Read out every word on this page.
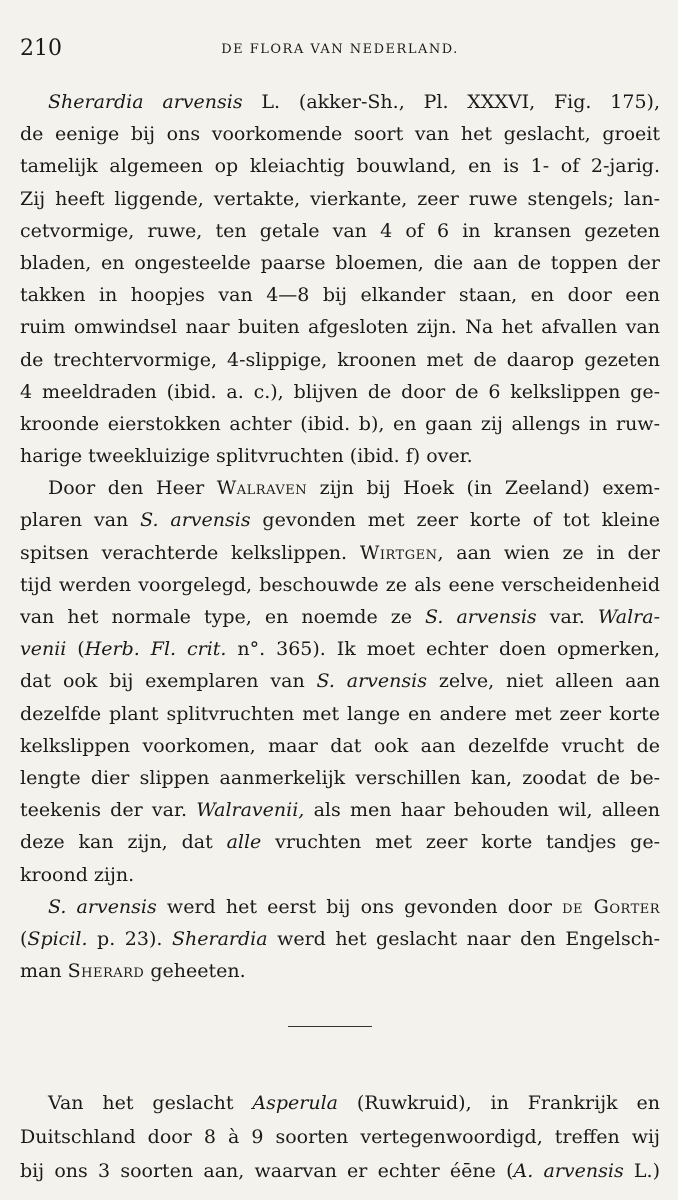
210	DE FLORA VAN NEDERLAND.
Sherardia arvensis L. (akker-Sh., Pl. XXXVI, Fig. 175),
de eenige bij ons voorkomende soort van het geslacht, groeit
tamelijk algemeen op kleiachtig bouwland, en is 1- of 2-jarig.
Zij heeft liggende, vertakte, vierkante, zeer ruwe stengels; lan-
cetvormige, ruwe, ten getale van 4 of 6 in kransen gezeten
bladen, en ongesteelde paarse bloemen, die aan de toppen der
takken in hoopjes van 4—8 bij elkander staan, en door een
ruim omwindsel naar buiten afgesloten zijn. Na het afvallen van
de trechtervormige, 4-slippige, kroonen met de daarop gezeten
4 meeldraden (ibid. a. c.), blijven de door de 6 kelkslippen ge-
kroonde eierstokken achter (ibid. b), en gaan zij allengs in ruw-
harige tweekluizige splitvruchten (ibid. f) over.
Door den Heer Walraven zijn bij Hoek (in Zeeland) exem-
plaren van S. arvensis gevonden met zeer korte of tot kleine
spitsen verachterde kelkslippen. Wirtgen, aan wien ze in der
tijd werden voorgelegd, beschouwde ze als eene verscheidenheid
van het normale type, en noemde ze S. arvensis var. Walra-
venii (Herb. Fl. crit. n°. 365). Ik moet echter doen opmerken,
dat ook bij exemplaren van S. arvensis zelve, niet alleen aan
dezelfde plant splitvruchten met lange en andere met zeer korte
kelkslippen voorkomen, maar dat ook aan dezelfde vrucht de
lengte dier slippen aanmerkelijk verschillen kan, zoodat de be-
teekenis der var. Walravenii, als men haar behouden wil, alleen
deze kan zijn, dat alle vruchten met zeer korte tandjes ge-
kroond zijn.
S. arvensis werd het eerst bij ons gevonden door de Gorter
(Spicil. p. 23). Sherardia werd het geslacht naar den Engelsch-
man Sherard geheeten.
Van het geslacht Asperula (Ruwkruid), in Frankrijk en
Duitschland door 8 à 9 soorten vertegenwoordigd, treffen wij
bij ons 3 soorten aan, waarvan er echter éēne (A. arvensis L.)
